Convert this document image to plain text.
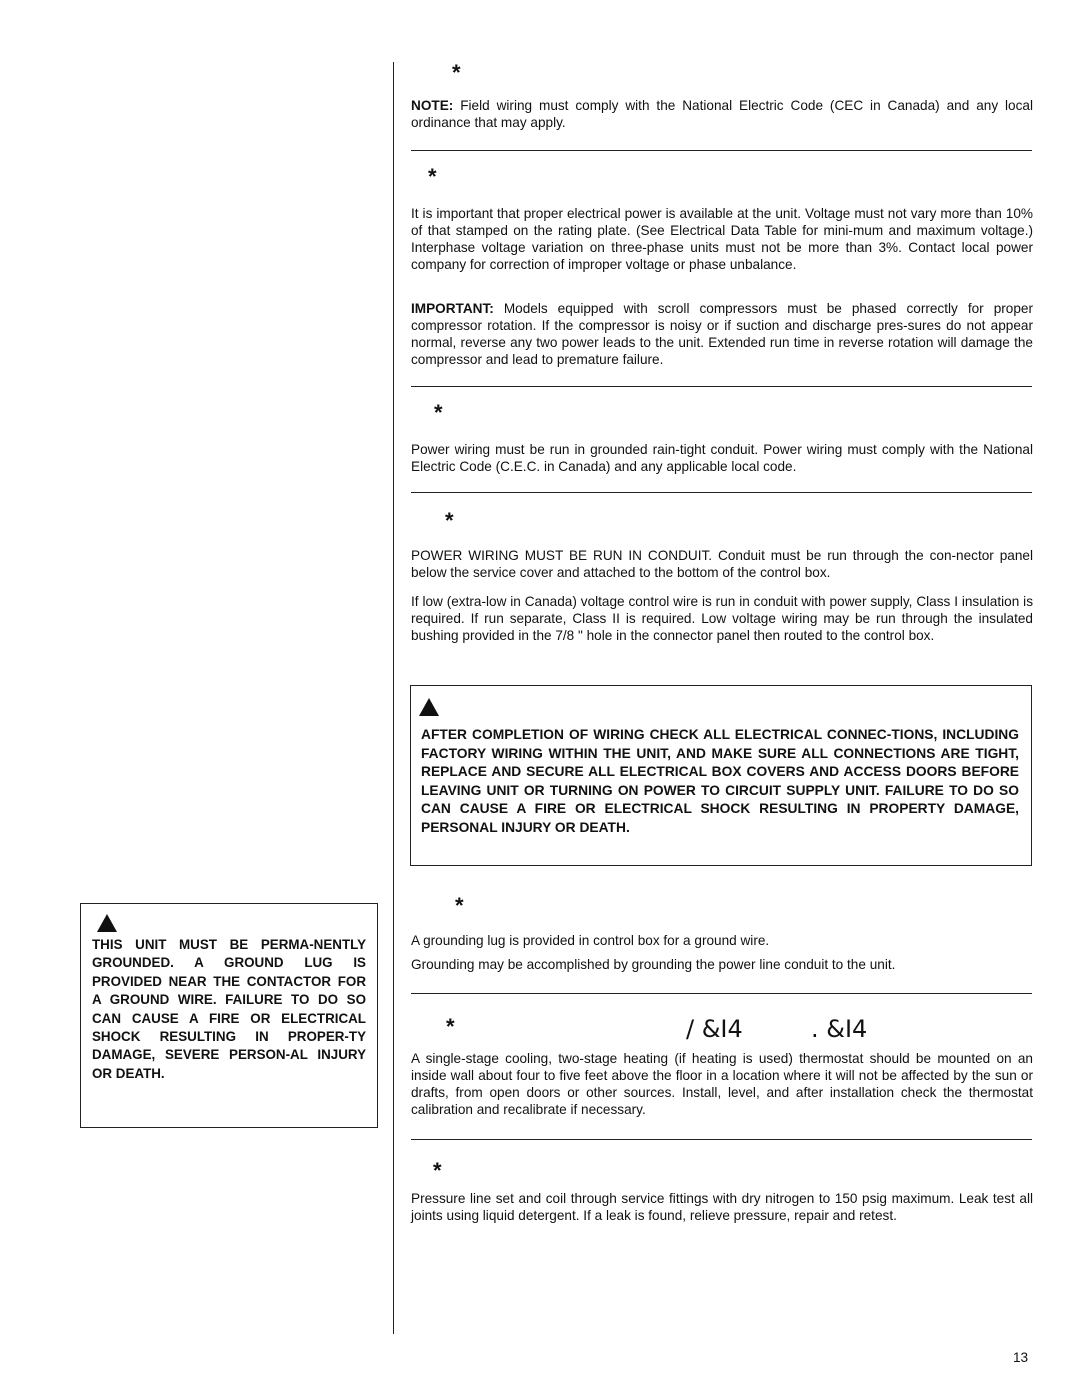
*

NOTE: Field wiring must comply with the National Electric Code (CEC in Canada) and any local ordinance that may apply.

*

It is important that proper electrical power is available at the unit. Voltage must not vary more than 10% of that stamped on the rating plate. (See Electrical Data Table for mini-mum and maximum voltage.) Interphase voltage variation on three-phase units must not be more than 3%. Contact local power company for correction of improper voltage or phase unbalance.

IMPORTANT: Models equipped with scroll compressors must be phased correctly for proper compressor rotation. If the compressor is noisy or if suction and discharge pres-sures do not appear normal, reverse any two power leads to the unit. Extended run time in reverse rotation will damage the compressor and lead to premature failure.

*

Power wiring must be run in grounded rain-tight conduit. Power wiring must comply with the National Electric Code (C.E.C. in Canada) and any applicable local code.

*

POWER WIRING MUST BE RUN IN CONDUIT. Conduit must be run through the con-nector panel below the service cover and attached to the bottom of the control box.

If low (extra-low in Canada) voltage control wire is run in conduit with power supply, Class I insulation is required. If run separate, Class II is required. Low voltage wiring may be run through the insulated bushing provided in the 7/8 " hole in the connector panel then routed to the control box.

AFTER COMPLETION OF WIRING CHECK ALL ELECTRICAL CONNEC-TIONS, INCLUDING FACTORY WIRING WITHIN THE UNIT, AND MAKE SURE ALL CONNECTIONS ARE TIGHT, REPLACE AND SECURE ALL ELECTRICAL BOX COVERS AND ACCESS DOORS BEFORE LEAVING UNIT OR TURNING ON POWER TO CIRCUIT SUPPLY UNIT. FAILURE TO DO SO CAN CAUSE A FIRE OR ELECTRICAL SHOCK RESULTING IN PROPERTY DAMAGE, PERSONAL INJURY OR DEATH.

*

A grounding lug is provided in control box for a ground wire.

Grounding may be accomplished by grounding the power line conduit to the unit.

*	/ &I4	. &I4

A single-stage cooling, two-stage heating (if heating is used) thermostat should be mounted on an inside wall about four to five feet above the floor in a location where it will not be affected by the sun or drafts, from open doors or other sources. Install, level, and after installation check the thermostat calibration and recalibrate if necessary.

*

Pressure line set and coil through service fittings with dry nitrogen to 150 psig maximum. Leak test all joints using liquid detergent. If a leak is found, relieve pressure, repair and retest.

THIS UNIT MUST BE PERMA-NENTLY GROUNDED. A GROUND LUG IS PROVIDED NEAR THE CONTACTOR FOR A GROUND WIRE. FAILURE TO DO SO CAN CAUSE A FIRE OR ELECTRICAL SHOCK RESULTING IN PROPER-TY DAMAGE, SEVERE PERSON-AL INJURY OR DEATH.

13
